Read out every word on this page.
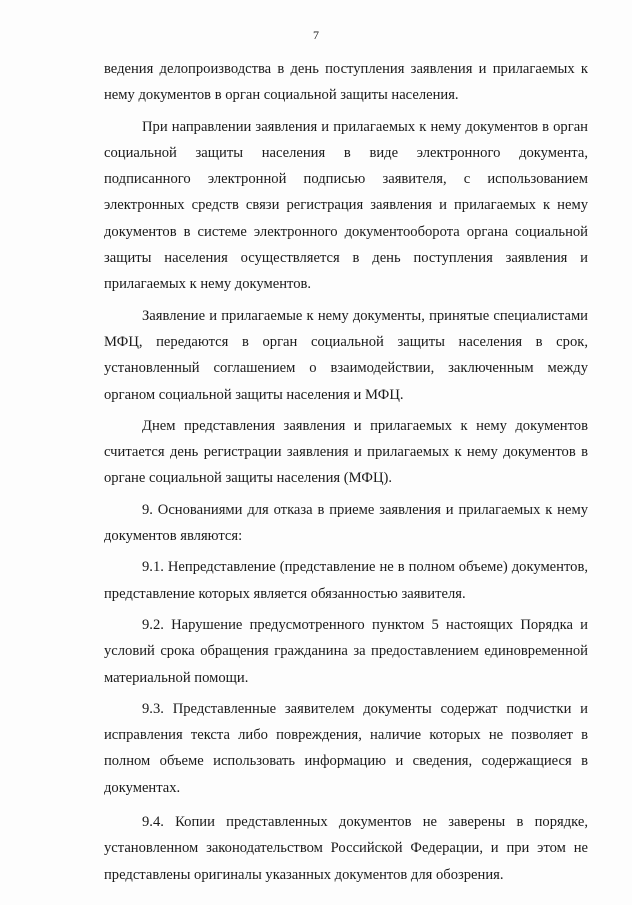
7

ведения делопроизводства в день поступления заявления и прилагаемых к нему документов в орган социальной защиты населения.

При направлении заявления и прилагаемых к нему документов в орган социальной защиты населения в виде электронного документа, подписанного электронной подписью заявителя, с использованием электронных средств связи регистрация заявления и прилагаемых к нему документов в системе электронного документооборота органа социальной защиты населения осуществляется в день поступления заявления и прилагаемых к нему документов.

Заявление и прилагаемые к нему документы, принятые специалистами МФЦ, передаются в орган социальной защиты населения в срок, установленный соглашением о взаимодействии, заключенным между органом социальной защиты населения и МФЦ.

Днем представления заявления и прилагаемых к нему документов считается день регистрации заявления и прилагаемых к нему документов в органе социальной защиты населения (МФЦ).

9. Основаниями для отказа в приеме заявления и прилагаемых к нему документов являются:

9.1. Непредставление (представление не в полном объеме) документов, представление которых является обязанностью заявителя.

9.2. Нарушение предусмотренного пунктом 5 настоящих Порядка и условий срока обращения гражданина за предоставлением единовременной материальной помощи.

9.3. Представленные заявителем документы содержат подчистки и исправления текста либо повреждения, наличие которых не позволяет в полном объеме использовать информацию и сведения, содержащиеся в документах.

9.4. Копии представленных документов не заверены в порядке, установленном законодательством Российской Федерации, и при этом не представлены оригиналы указанных документов для обозрения.
